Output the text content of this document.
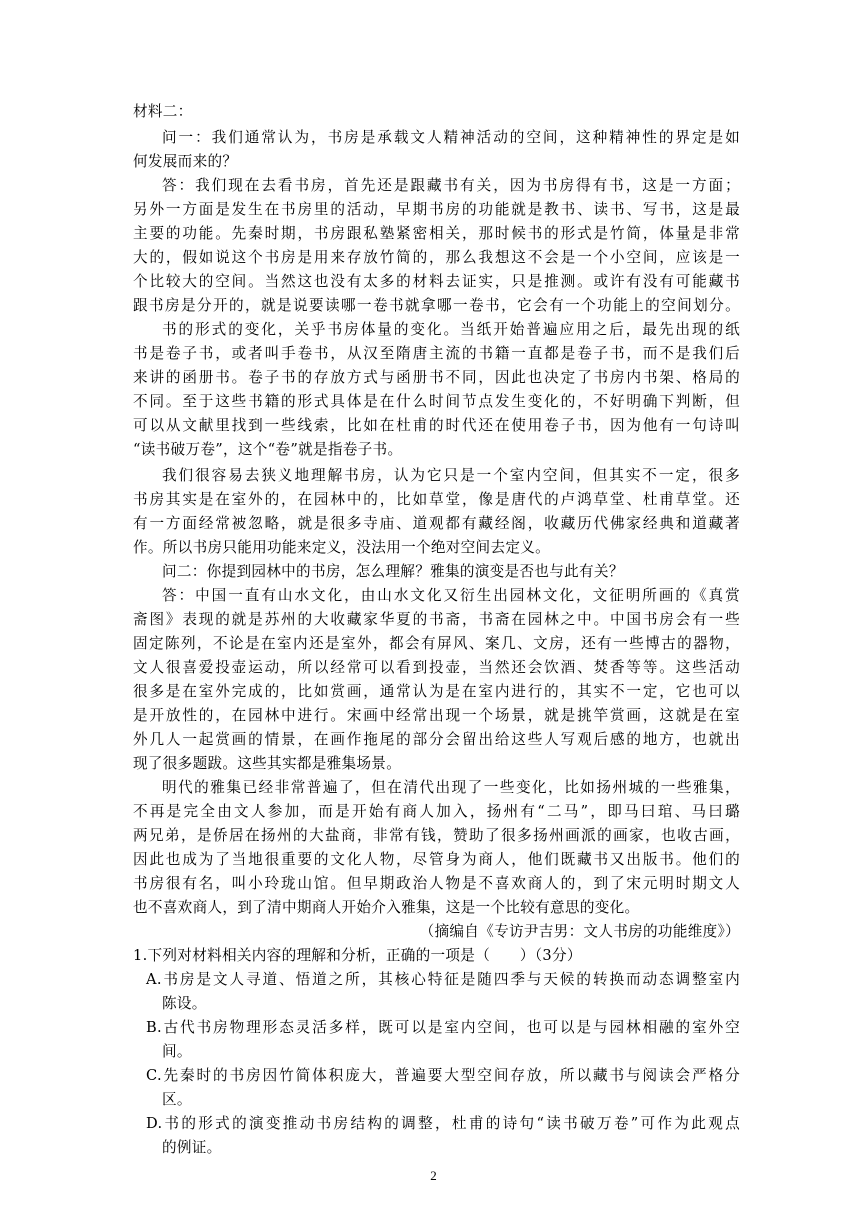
材料二：
问一：我们通常认为，书房是承载文人精神活动的空间，这种精神性的界定是如
何发展而来的？
答：我们现在去看书房，首先还是跟藏书有关，因为书房得有书，这是一方面；
另外一方面是发生在书房里的活动，早期书房的功能就是教书、读书、写书，这是最
主要的功能。先秦时期，书房跟私塾紧密相关，那时候书的形式是竹简，体量是非常
大的，假如说这个书房是用来存放竹简的，那么我想这不会是一个小空间，应该是一
个比较大的空间。当然这也没有太多的材料去证实，只是推测。或许有没有可能藏书
跟书房是分开的，就是说要读哪一卷书就拿哪一卷书，它会有一个功能上的空间划分。
书的形式的变化，关乎书房体量的变化。当纸开始普遍应用之后，最先出现的纸
书是卷子书，或者叫手卷书，从汉至隋唐主流的书籍一直都是卷子书，而不是我们后
来讲的函册书。卷子书的存放方式与函册书不同，因此也决定了书房内书架、格局的
不同。至于这些书籍的形式具体是在什么时间节点发生变化的，不好明确下判断，但
可以从文献里找到一些线索，比如在杜甫的时代还在使用卷子书，因为他有一句诗叫
“读书破万卷”，这个“卷”就是指卷子书。
我们很容易去狭义地理解书房，认为它只是一个室内空间，但其实不一定，很多
书房其实是在室外的，在园林中的，比如草堂，像是唐代的卢鸿草堂、杜甫草堂。还
有一方面经常被忽略，就是很多寺庙、道观都有藏经阁，收藏历代佛家经典和道藏著
作。所以书房只能用功能来定义，没法用一个绝对空间去定义。
问二：你提到园林中的书房，怎么理解？雅集的演变是否也与此有关？
答：中国一直有山水文化，由山水文化又衍生出园林文化，文征明所画的《真赏
斋图》表现的就是苏州的大收藏家华夏的书斋，书斋在园林之中。中国书房会有一些
固定陈列，不论是在室内还是室外，都会有屏风、案几、文房，还有一些博古的器物，
文人很喜爱投壶运动，所以经常可以看到投壶，当然还会饮酒、焚香等等。这些活动
很多是在室外完成的，比如赏画，通常认为是在室内进行的，其实不一定，它也可以
是开放性的，在园林中进行。宋画中经常出现一个场景，就是挑竿赏画，这就是在室
外几人一起赏画的情景，在画作拖尾的部分会留出给这些人写观后感的地方，也就出
现了很多题跋。这些其实都是雅集场景。
明代的雅集已经非常普遍了，但在清代出现了一些变化，比如扬州城的一些雅集，
不再是完全由文人参加，而是开始有商人加入，扬州有“二马”，即马曰琯、马曰璐
两兄弟，是侨居在扬州的大盐商，非常有钱，赞助了很多扬州画派的画家，也收古画，
因此也成为了当地很重要的文化人物，尽管身为商人，他们既藏书又出版书。他们的
书房很有名，叫小玲珑山馆。但早期政治人物是不喜欢商人的，到了宋元明时期文人
也不喜欢商人，到了清中期商人开始介入雅集，这是一个比较有意思的变化。
（摘编自《专访尹吉男：文人书房的功能维度》）
1.下列对材料相关内容的理解和分析，正确的一项是（　　）（3分）
A.书房是文人寻道、悟道之所，其核心特征是随四季与天候的转换而动态调整室内
陈设。
B.古代书房物理形态灵活多样，既可以是室内空间，也可以是与园林相融的室外空
间。
C.先秦时的书房因竹简体积庞大，普遍要大型空间存放，所以藏书与阅读会严格分
区。
D.书的形式的演变推动书房结构的调整，杜甫的诗句“读书破万卷”可作为此观点
的例证。
2
